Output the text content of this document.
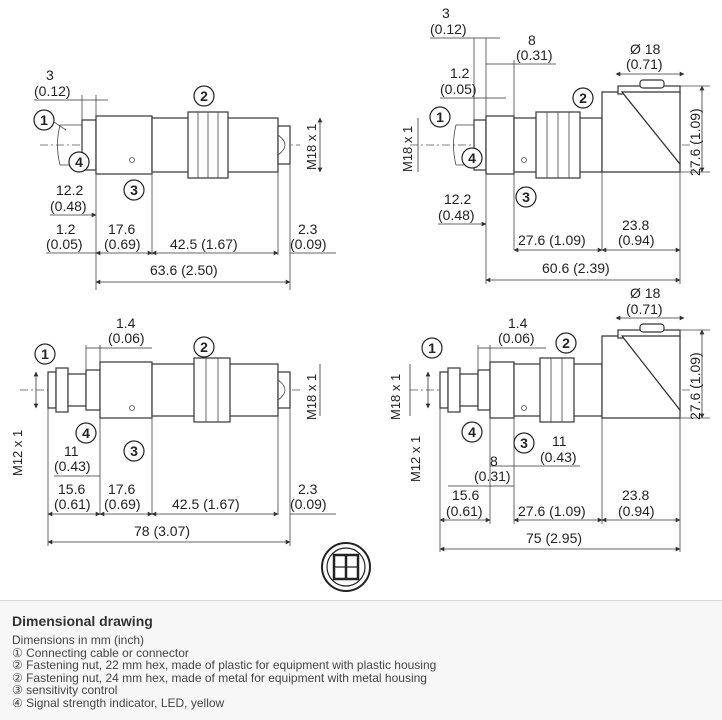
M18 x 1
3
(0.12)
12.2
(0.48)
1.2
(0.05)
17.6
(0.69) 42.5 (1.67)
2.3
(0.09)
63.6 (2.50)
1
2
3
4	M18 x 1
3
(0.12)
8
(0.31)
1.2
(0.05)
Ø 18
(0.71)
27.6 (1.09)
12.2
(0.48)
27.6 (1.09)
23.8
(0.94)
60.6 (2.39)
1
2
3
4
M18 x 1
M12 x 1
1.4
(0.06)
11
(0.43)
15.6
(0.61)
17.6
(0.69) 42.5 (1.67)
2.3
(0.09)
78 (3.07)
1	2
3
4
M18 x 1
M12 x 1
1.4
(0.06)
Ø 18
(0.71)
27.6 (1.09)
11
(0.43)
8
(0.31)
15.6
(0.61)	27.6 (1.09)
23.8
(0.94)
75 (2.95)
1	2
3
4
Dimensional drawing
Dimensions in mm (inch)
① Connecting cable or connector
② Fastening nut, 22 mm hex, made of plastic for equipment with plastic housing
② Fastening nut, 24 mm hex, made of metal for equipment with metal housing
③ sensitivity control
④ Signal strength indicator, LED, yellow
